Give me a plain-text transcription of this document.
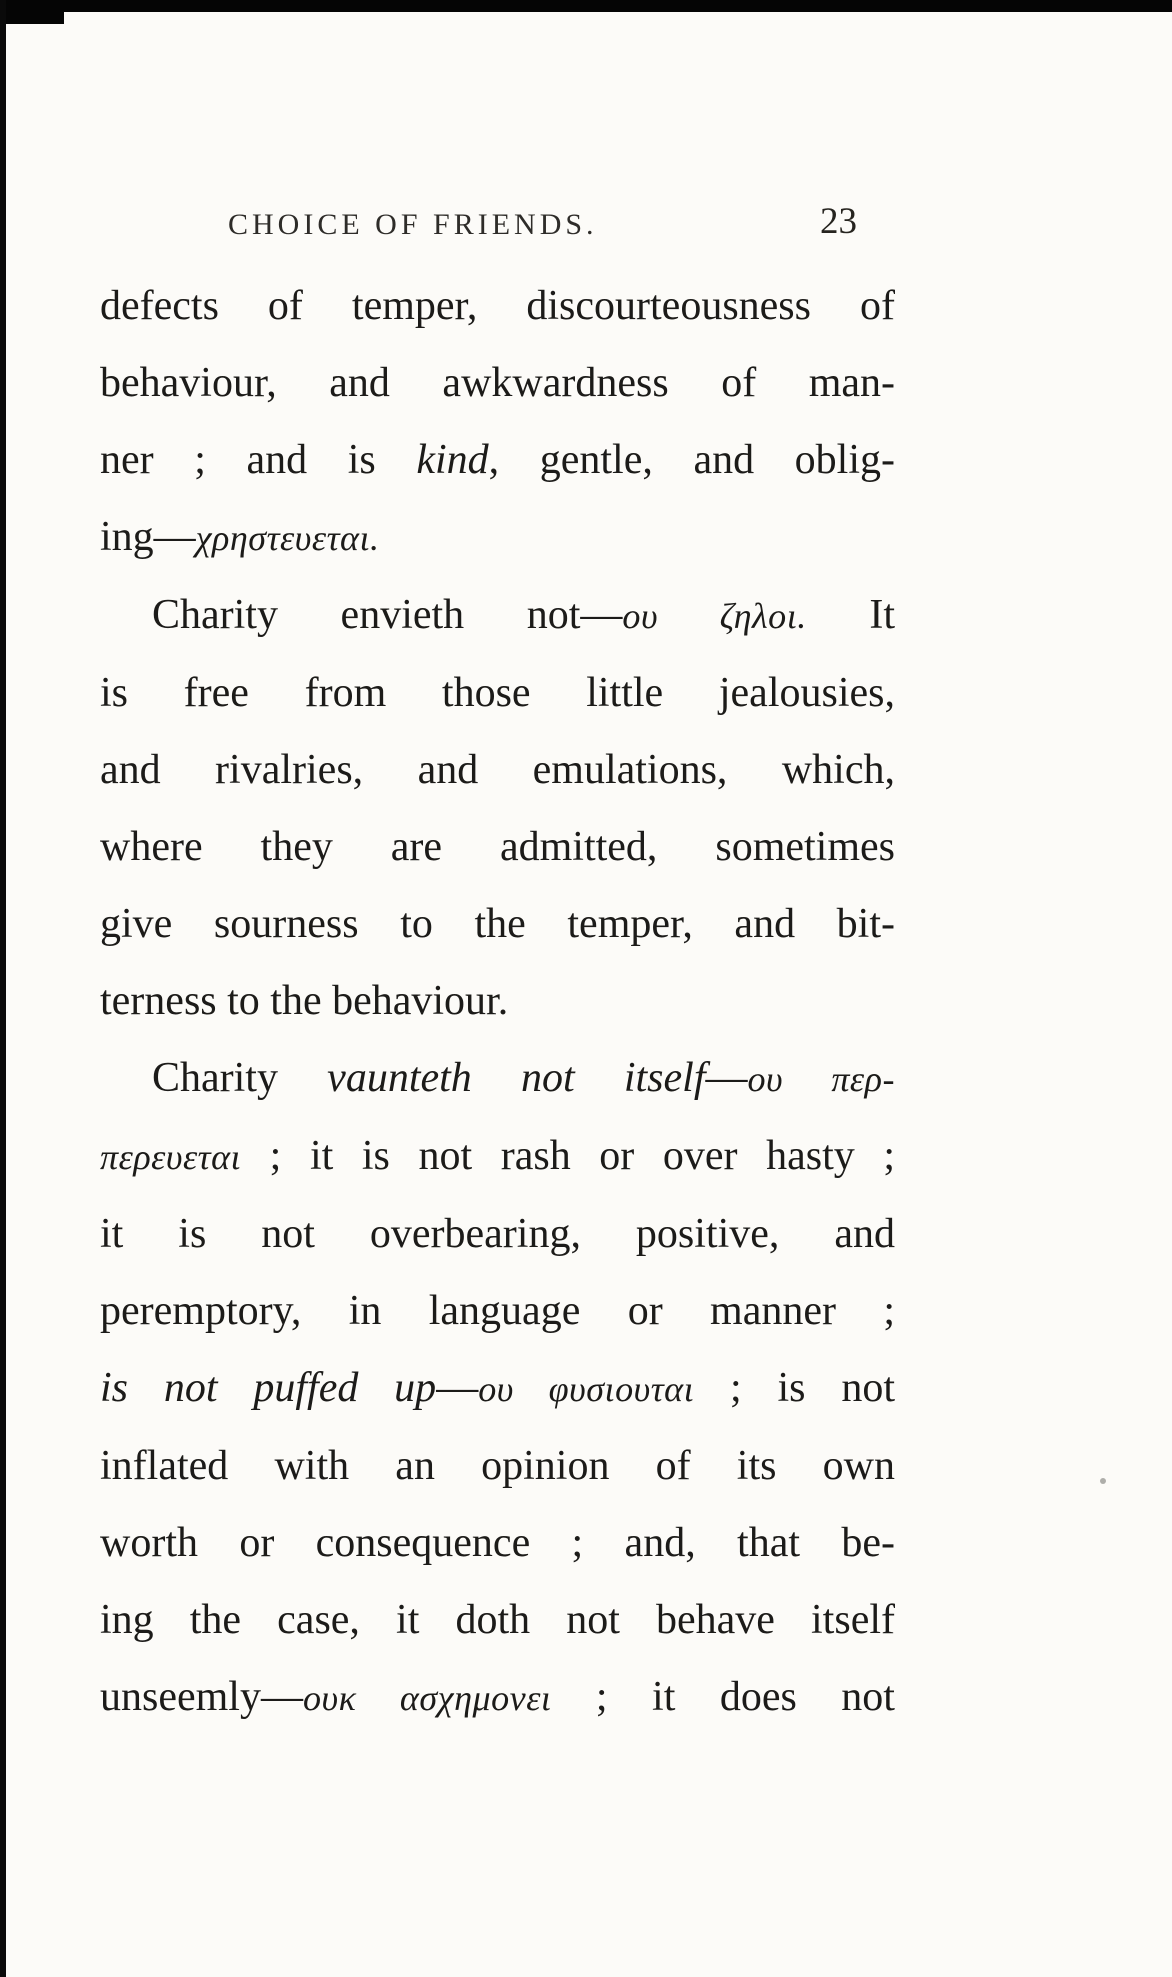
CHOICE OF FRIENDS.	23
defects of temper, discourteousness of
behaviour, and awkwardness of man-
ner ; and is kind, gentle, and oblig-
ing—χρηστευεται.
Charity envieth not—ου ζηλοι. It
is free from those little jealousies,
and rivalries, and emulations, which,
where they are admitted, sometimes
give sourness to the temper, and bit-
terness to the behaviour.
Charity vaunteth not itself—ου περ-
περευεται ; it is not rash or over hasty ;
it is not overbearing, positive, and
peremptory, in language or manner ;
is not puffed up—ου φυσιουται ; is not
inflated with an opinion of its own
worth or consequence ; and, that be-
ing the case, it doth not behave itself
unseemly—ουκ ασχημονει ; it does not
